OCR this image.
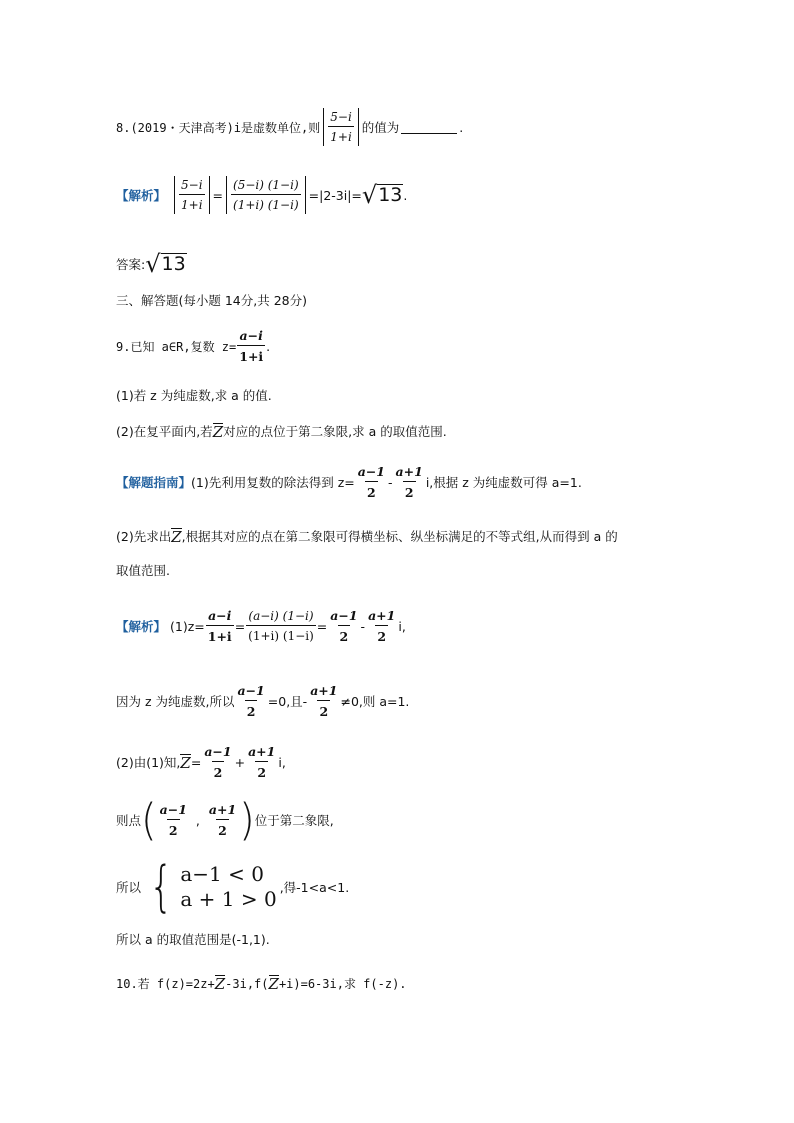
8.(2019・天津高考)i是虚数单位,则 $\frac{5-i}{1+i}$ 的值为	.
【解析】 $\frac{5-i}{1+i} = \frac{(5-i) (1-i)}{(1+i) (1-i)} =|2-3i|=$ √ 13 .
答案: √ 13
三、解答题(每小题 14分,共 28分)
9.已知 a∈R,复数 $z= \frac{a-i}{1+i}$ .
(1)若 z 为纯虚数,求 a 的值.
(2)在复平面内,若 Z 对应的点位于第二象限,求 a 的取值范围.
【解题指南】 (1)先利用复数的除法得到 $z= \frac{a-1}{2} - \frac{a+1}{2} i$,根据 z 为纯虚数可得 a=1.
(2)先求出 Z ,根据其对应的点在第二象限可得横坐标、纵坐标满足的不等式组,从而得到 a 的
取值范围.
【解析】 $(1)z= \frac{a-i}{1+i} = \frac{(a-i) (1-i)}{(1+i) (1-i)} = \frac{a-1}{2} - \frac{a+1}{2} i$,
因为 z 为纯虚数,所以 $\frac{a-1}{2} =0$,且- $\frac{a+1}{2} \ne 0$,则 a=1.
(2)由(1)知, $Z = \frac{a-1}{2} + \frac{a+1}{2} i$,
则点 ( $\frac{a-1}{2}$ , $\frac{a+1}{2}$ ) 位于第二象限,
所以 { a−1 < 0
a + 1 > 0 ,得-1<a<1.
所以 a 的取值范围是(-1,1).
10.若 f(z)=2z+ Z -3i,f( Z +i)=6-3i,求 f(-z).
